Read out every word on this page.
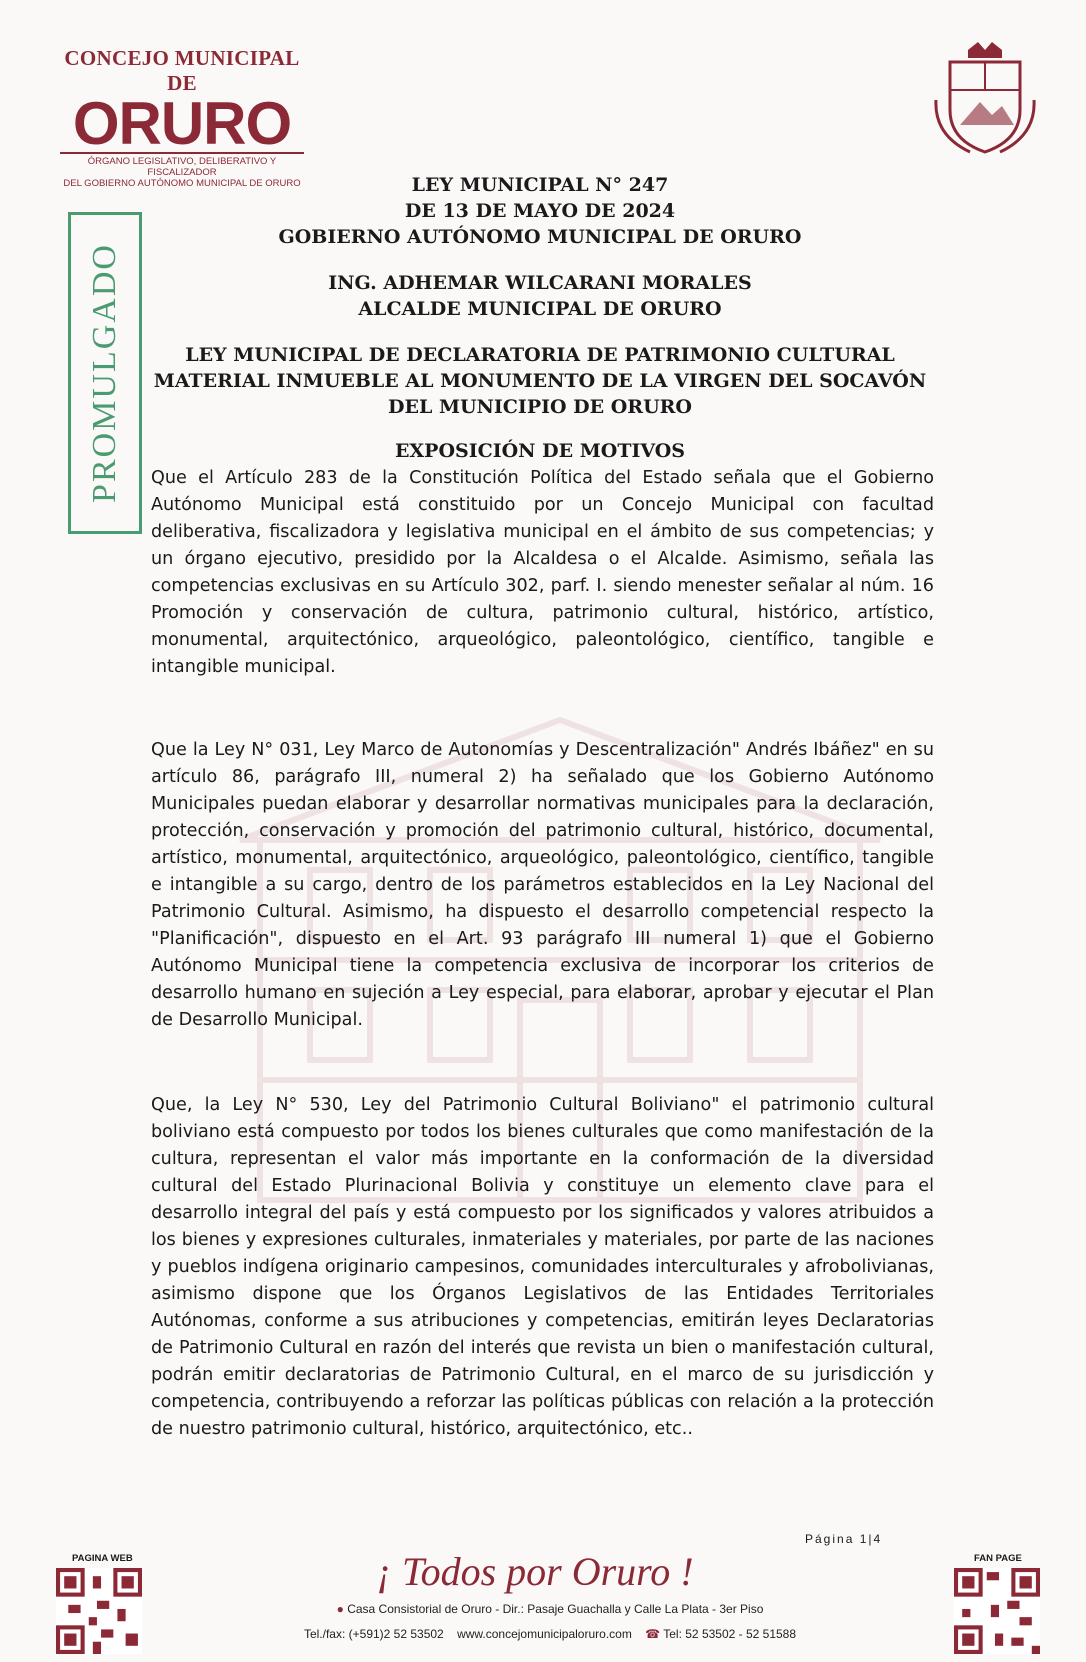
CONCEJO MUNICIPAL DE
ORURO
ÓRGANO LEGISLATIVO, DELIBERATIVO Y FISCALIZADOR
DEL GOBIERNO AUTÓNOMO MUNICIPAL DE ORURO
PROMULGADO
LEY MUNICIPAL N° 247
DE 13 DE MAYO DE 2024
GOBIERNO AUTÓNOMO MUNICIPAL DE ORURO
ING. ADHEMAR WILCARANI MORALES
ALCALDE MUNICIPAL DE ORURO
LEY MUNICIPAL DE DECLARATORIA DE PATRIMONIO CULTURAL
MATERIAL INMUEBLE AL MONUMENTO DE LA VIRGEN DEL SOCAVÓN
DEL MUNICIPIO DE ORURO
EXPOSICIÓN DE MOTIVOS
Que el Artículo 283 de la Constitución Política del Estado señala que el Gobierno Autónomo Municipal está constituido por un Concejo Municipal con facultad deliberativa, fiscalizadora y legislativa municipal en el ámbito de sus competencias; y un órgano ejecutivo, presidido por la Alcaldesa o el Alcalde. Asimismo, señala las competencias exclusivas en su Artículo 302, parf. I. siendo menester señalar al núm. 16 Promoción y conservación de cultura, patrimonio cultural, histórico, artístico, monumental, arquitectónico, arqueológico, paleontológico, científico, tangible e intangible municipal.
Que la Ley N° 031, Ley Marco de Autonomías y Descentralización" Andrés Ibáñez" en su artículo 86, parágrafo III, numeral 2) ha señalado que los Gobierno Autónomo Municipales puedan elaborar y desarrollar normativas municipales para la declaración, protección, conservación y promoción del patrimonio cultural, histórico, documental, artístico, monumental, arquitectónico, arqueológico, paleontológico, científico, tangible e intangible a su cargo, dentro de los parámetros establecidos en la Ley Nacional del Patrimonio Cultural. Asimismo, ha dispuesto el desarrollo competencial respecto la "Planificación", dispuesto en el Art. 93 parágrafo III numeral 1) que el Gobierno Autónomo Municipal tiene la competencia exclusiva de incorporar los criterios de desarrollo humano en sujeción a Ley especial, para elaborar, aprobar y ejecutar el Plan de Desarrollo Municipal.
Que, la Ley N° 530, Ley del Patrimonio Cultural Boliviano" el patrimonio cultural boliviano está compuesto por todos los bienes culturales que como manifestación de la cultura, representan el valor más importante en la conformación de la diversidad cultural del Estado Plurinacional Bolivia y constituye un elemento clave para el desarrollo integral del país y está compuesto por los significados y valores atribuidos a los bienes y expresiones culturales, inmateriales y materiales, por parte de las naciones y pueblos indígena originario campesinos, comunidades interculturales y afrobolivianas, asimismo dispone que los Órganos Legislativos de las Entidades Territoriales Autónomas, conforme a sus atribuciones y competencias, emitirán leyes Declaratorias de Patrimonio Cultural en razón del interés que revista un bien o manifestación cultural, podrán emitir declaratorias de Patrimonio Cultural, en el marco de su jurisdicción y competencia, contribuyendo a reforzar las políticas públicas con relación a la protección de nuestro patrimonio cultural, histórico, arquitectónico, etc..
Página 1|4
PAGINA WEB	FAN PAGE
¡ Todos por Oruro !
● Casa Consistorial de Oruro - Dir.: Pasaje Guachalla y Calle La Plata - 3er Piso
Tel./fax: (+591)2 52 53502 www.concejomunicipaloruro.com ☎ Tel: 52 53502 - 52 51588
